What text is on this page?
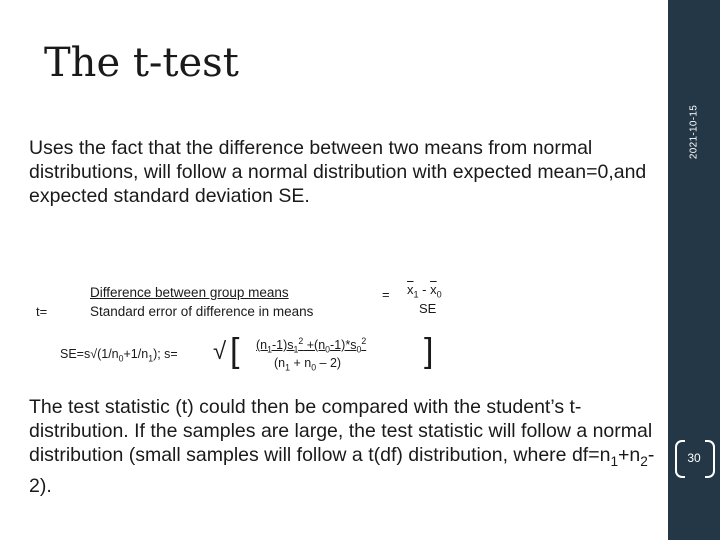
The t-test
Uses the fact that the difference between two means from normal distributions, will follow a normal distribution with expected mean=0,and expected standard deviation SE.
t=
Difference between group means
Standard error of difference in means
= $\overline{x}_1 - \overline{x}_0$
SE
$SE=s√(1/n_0+1/n_1)$; s= √ [ $(n_1-1)s_1^2 +(n_0-1)*s_0^2$
$(n_1 + n_0 - 2)$ ]
The test statistic (t) could then be compared with the student’s t- distribution. If the samples are large, the test statistic will follow a normal distribution (small samples will follow a t(df) distribution, where $df=n_1+n_2-2$).
2021-10-15
30
